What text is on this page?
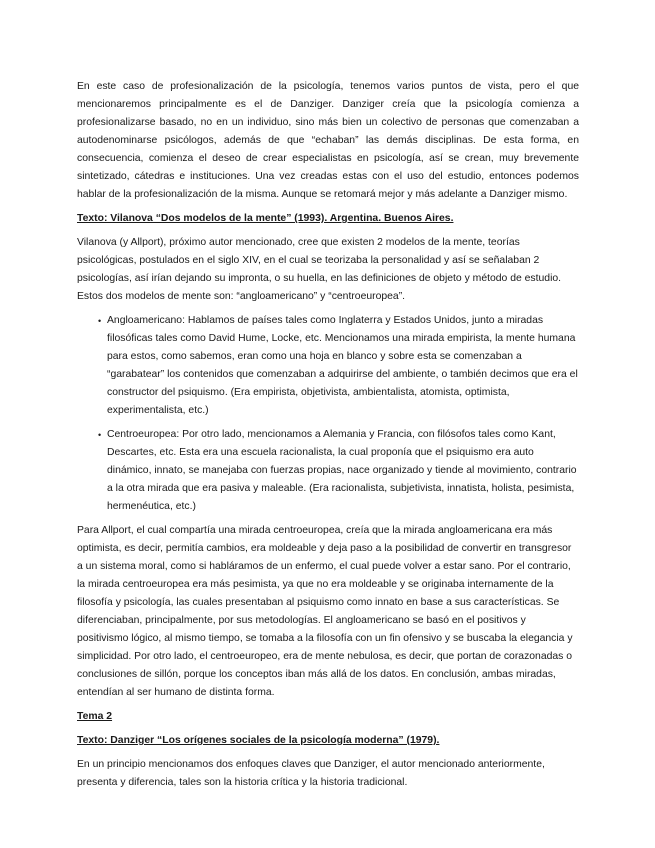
En este caso de profesionalización de la psicología, tenemos varios puntos de vista, pero el que mencionaremos principalmente es el de Danziger. Danziger creía que la psicología comienza a profesionalizarse basado, no en un individuo, sino más bien un colectivo de personas que comenzaban a autodenominarse psicólogos, además de que “echaban” las demás disciplinas. De esta forma, en consecuencia, comienza el deseo de crear especialistas en psicología, así se crean, muy brevemente sintetizado, cátedras e instituciones. Una vez creadas estas con el uso del estudio, entonces podemos hablar de la profesionalización de la misma. Aunque se retomará mejor y más adelante a Danziger mismo.

Texto: Vilanova “Dos modelos de la mente” (1993). Argentina. Buenos Aires.

Vilanova (y Allport), próximo autor mencionado, cree que existen 2 modelos de la mente, teorías psicológicas, postulados en el siglo XIV, en el cual se teorizaba la personalidad y así se señalaban 2 psicologías, así irían dejando su impronta, o su huella, en las definiciones de objeto y método de estudio. Estos dos modelos de mente son: “angloamericano” y “centroeuropea”.

• Angloamericano: Hablamos de países tales como Inglaterra y Estados Unidos, junto a miradas filosóficas tales como David Hume, Locke, etc. Mencionamos una mirada empirista, la mente humana para estos, como sabemos, eran como una hoja en blanco y sobre esta se comenzaban a “garabatear” los contenidos que comenzaban a adquirirse del ambiente, o también decimos que era el constructor del psiquismo. (Era empirista, objetivista, ambientalista, atomista, optimista, experimentalista, etc.)
• Centroeuropea: Por otro lado, mencionamos a Alemania y Francia, con filósofos tales como Kant, Descartes, etc. Esta era una escuela racionalista, la cual proponía que el psiquismo era auto dinámico, innato, se manejaba con fuerzas propias, nace organizado y tiende al movimiento, contrario a la otra mirada que era pasiva y maleable. (Era racionalista, subjetivista, innatista, holista, pesimista, hermenéutica, etc.)

Para Allport, el cual compartía una mirada centroeuropea, creía que la mirada angloamericana era más optimista, es decir, permitía cambios, era moldeable y deja paso a la posibilidad de convertir en transgresor a un sistema moral, como si habláramos de un enfermo, el cual puede volver a estar sano. Por el contrario, la mirada centroeuropea era más pesimista, ya que no era moldeable y se originaba internamente de la filosofía y psicología, las cuales presentaban al psiquismo como innato en base a sus características. Se diferenciaban, principalmente, por sus metodologías. El angloamericano se basó en el positivos y positivismo lógico, al mismo tiempo, se tomaba a la filosofía con un fin ofensivo y se buscaba la elegancia y simplicidad. Por otro lado, el centroeuropeo, era de mente nebulosa, es decir, que portan de corazonadas o conclusiones de sillón, porque los conceptos iban más allá de los datos. En conclusión, ambas miradas, entendían al ser humano de distinta forma.

Tema 2
Texto: Danziger “Los orígenes sociales de la psicología moderna” (1979).

En un principio mencionamos dos enfoques claves que Danziger, el autor mencionado anteriormente, presenta y diferencia, tales son la historia crítica y la historia tradicional.
